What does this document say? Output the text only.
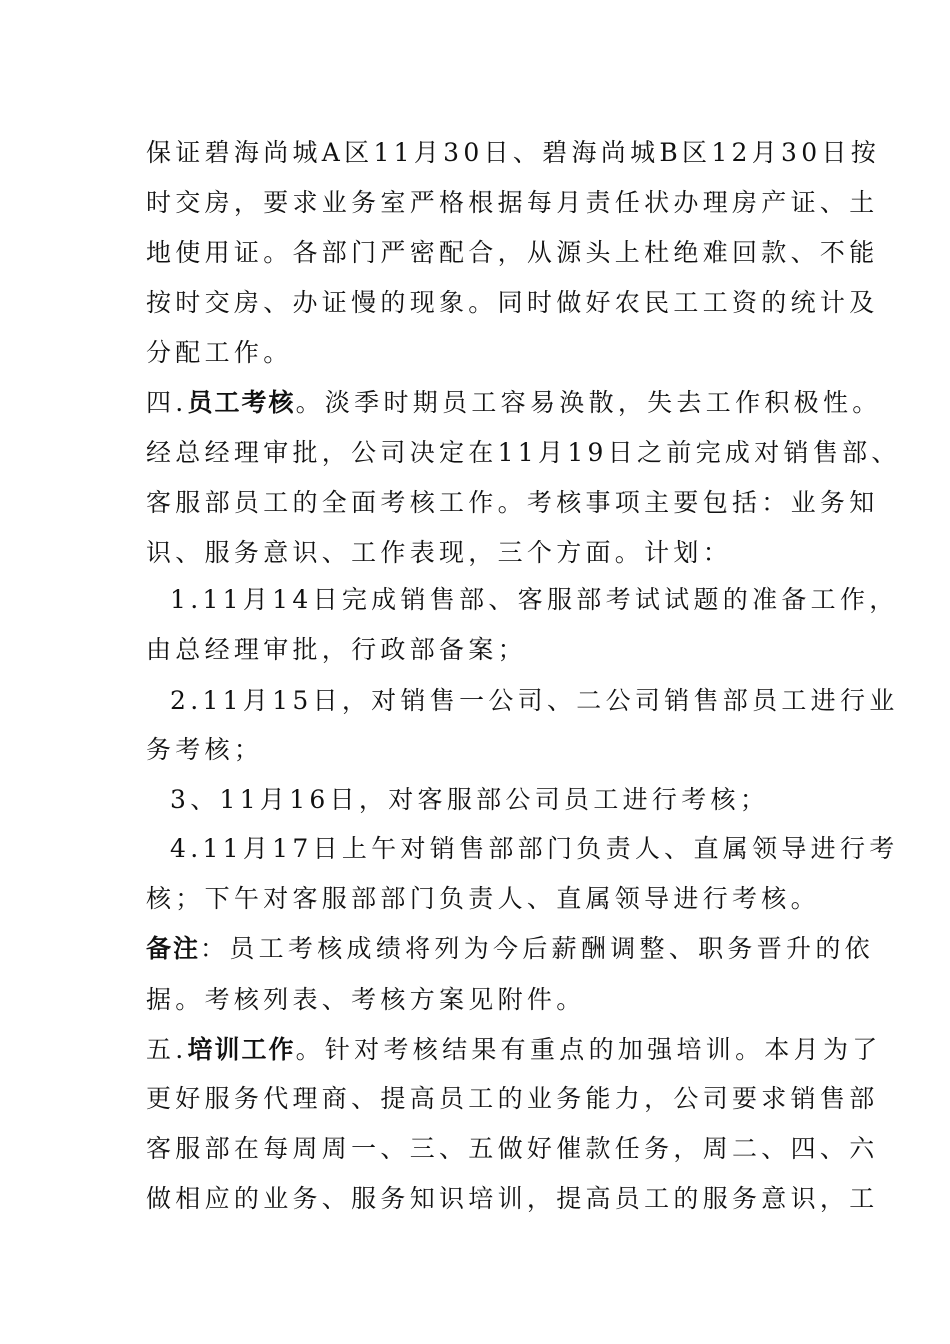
保证碧海尚城A区11月30日、碧海尚城B区12月30日按
时交房，要求业务室严格根据每月责任状办理房产证、土
地使用证。各部门严密配合，从源头上杜绝难回款、不能
按时交房、办证慢的现象。同时做好农民工工资的统计及
分配工作。
四.员工考核。淡季时期员工容易涣散，失去工作积极性。
经总经理审批，公司决定在11月19日之前完成对销售部、
客服部员工的全面考核工作。考核事项主要包括：业务知
识、服务意识、工作表现，三个方面。计划：
1.11月14日完成销售部、客服部考试试题的准备工作，
由总经理审批，行政部备案；
2.11月15日，对销售一公司、二公司销售部员工进行业
务考核；
3、11月16日，对客服部公司员工进行考核；
4.11月17日上午对销售部部门负责人、直属领导进行考
核；下午对客服部部门负责人、直属领导进行考核。
备注：员工考核成绩将列为今后薪酬调整、职务晋升的依
据。考核列表、考核方案见附件。
五.培训工作。针对考核结果有重点的加强培训。本月为了
更好服务代理商、提高员工的业务能力，公司要求销售部
客服部在每周周一、三、五做好催款任务，周二、四、六
做相应的业务、服务知识培训，提高员工的服务意识，工
